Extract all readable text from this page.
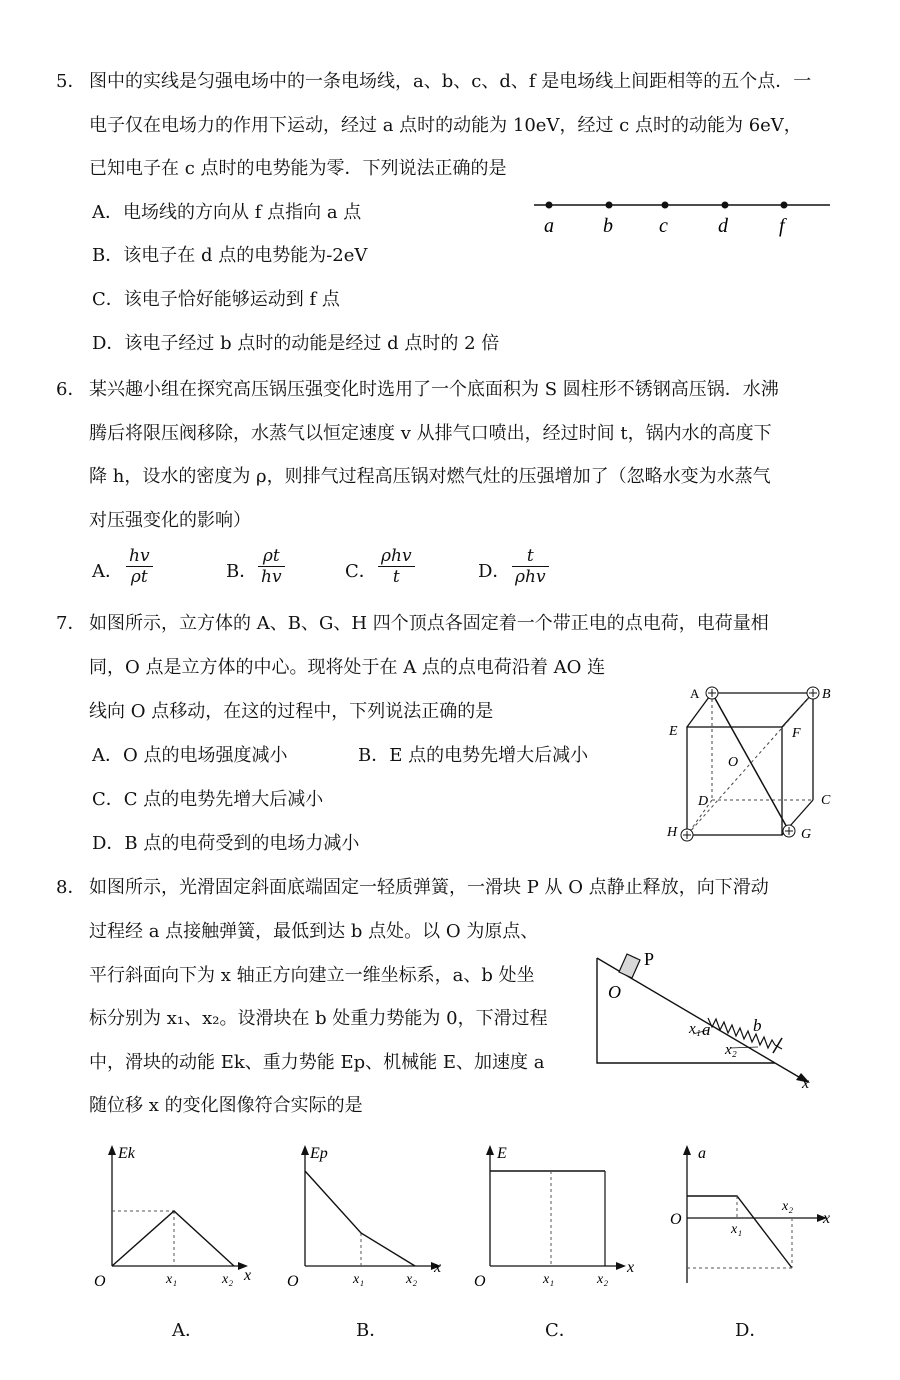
5． 图中的实线是匀强电场中的一条电场线，a、b、c、d、f 是电场线上间距相等的五个点．一
电子仅在电场力的作用下运动，经过 a 点时的动能为 10eV，经过 c 点时的动能为 6eV，
已知电子在 c 点时的电势能为零．下列说法正确的是
A．电场线的方向从 f 点指向 a 点
B．该电子在 d 点的电势能为-2eV
C．该电子恰好能够运动到 f 点
D．该电子经过 b 点时的动能是经过 d 点时的 2 倍
a b c	d	f
6． 某兴趣小组在探究高压锅压强变化时选用了一个底面积为 S 圆柱形不锈钢高压锅．水沸
腾后将限压阀移除，水蒸气以恒定速度 v 从排气口喷出，经过时间 t，锅内水的高度下
降 h，设水的密度为 ρ，则排气过程高压锅对燃气灶的压强增加了（忽略水变为水蒸气
对压强变化的影响）
A． $\frac{hv}{\rho t}$	B． $\frac{\rho t}{hv}$	C．
ρhv
t	D．
t
ρhv
7． 如图所示，立方体的 A、B、G、H 四个顶点各固定着一个带正电的点电荷，电荷量相
同，O 点是立方体的中心。现将处于在 A 点的点电荷沿着 AO 连
线向 O 点移动，在这的过程中，下列说法正确的是
A．O 点的电场强度减小	B．E 点的电势先增大后减小
C．C 点的电势先增大后减小
D．B 点的电荷受到的电场力减小
A	B
E	F
O
D	C
H	G
8． 如图所示，光滑固定斜面底端固定一轻质弹簧，一滑块 P 从 O 点静止释放，向下滑动
过程经 a 点接触弹簧，最低到达 b 点处。以 O 为原点、
平行斜面向下为 x 轴正方向建立一维坐标系，a、b 处坐
标分别为 x₁、x₂。设滑块在 b 处重力势能为 0，下滑过程
中，滑块的动能 Ek、重力势能 Ep、机械能 E、加速度 a
随位移 x 的变化图像符合实际的是
P
O
a	b
x₁
x₂
x
Ek
O	x₁	x₂ x
A．
Ep
O	x₁	x₂
x
B．
E
O	x₁	x₂
x
C．
a
O
x₁
x₂
x
D．
